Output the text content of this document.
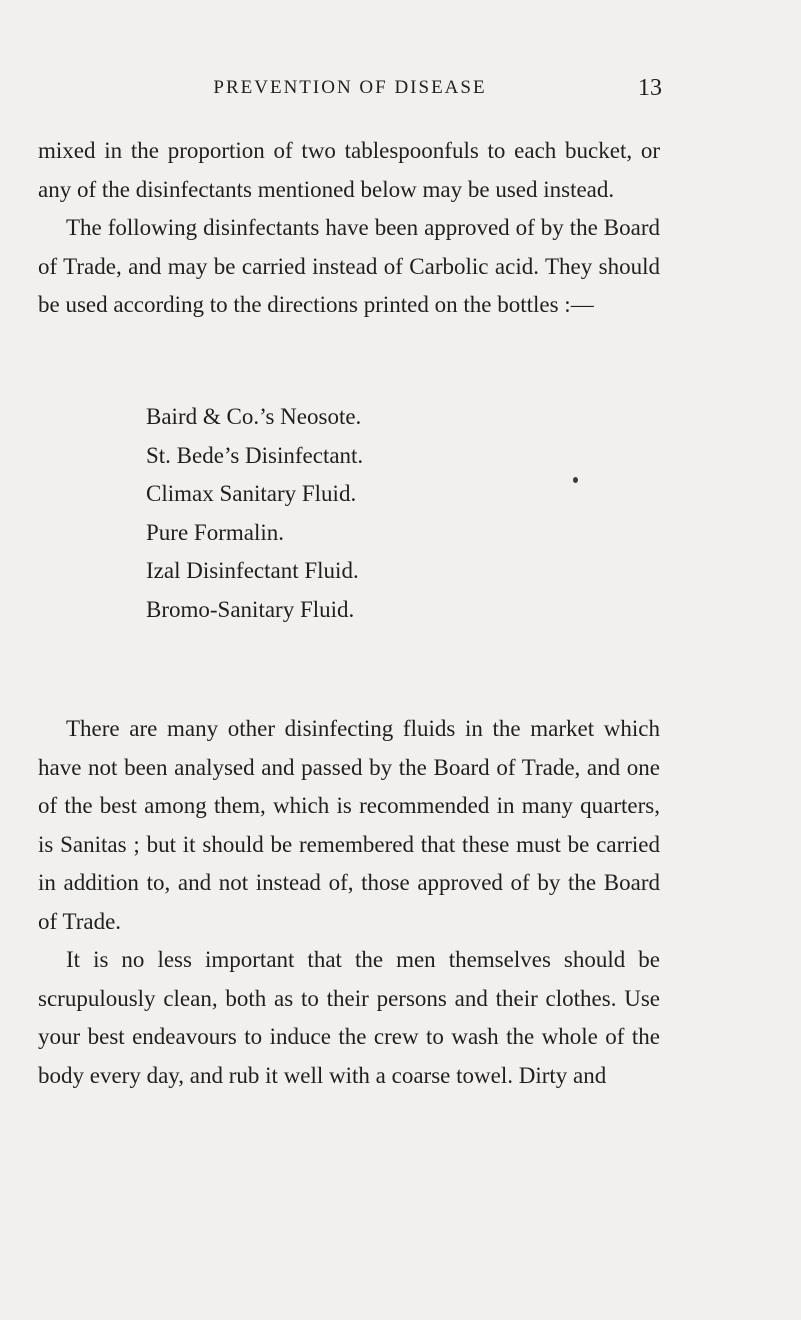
PREVENTION OF DISEASE	13

mixed in the proportion of two tablespoonfuls to each bucket, or any of the disinfectants mentioned below may be used instead.

The following disinfectants have been approved of by the Board of Trade, and may be carried instead of Carbolic acid. They should be used according to the directions printed on the bottles :—

Baird & Co.’s Neosote.
St. Bede’s Disinfectant.
Climax Sanitary Fluid.
Pure Formalin.
Izal Disinfectant Fluid.
Bromo-Sanitary Fluid.

There are many other disinfecting fluids in the market which have not been analysed and passed by the Board of Trade, and one of the best among them, which is recommended in many quarters, is Sanitas ; but it should be remembered that these must be carried in addition to, and not instead of, those approved of by the Board of Trade.

It is no less important that the men themselves should be scrupulously clean, both as to their persons and their clothes. Use your best endeavours to induce the crew to wash the whole of the body every day, and rub it well with a coarse towel. Dirty and
